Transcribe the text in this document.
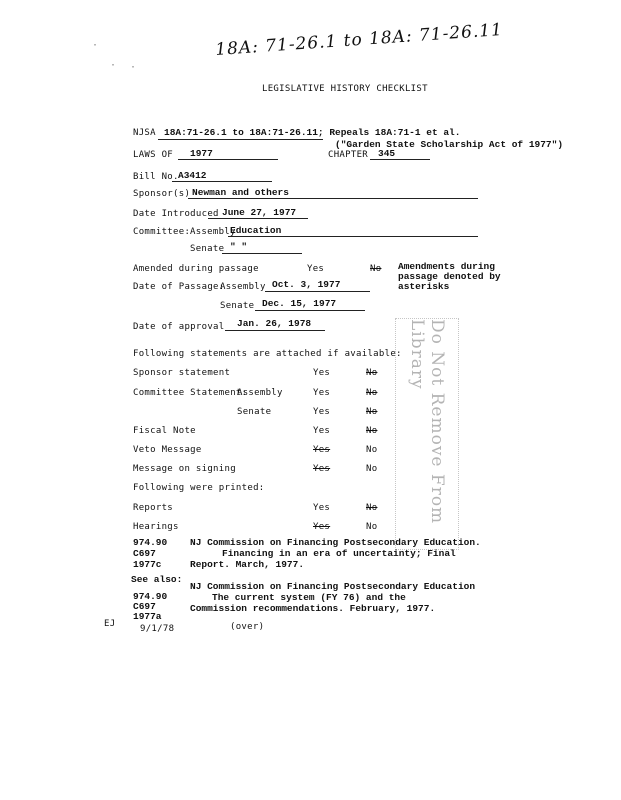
·
· ·
18A: 71-26.1 to 18A: 71-26.11
LEGISLATIVE HISTORY CHECKLIST
NJSA 18A:71-26.1 to 18A:71-26.11; Repeals 18A:71-1 et al.
("Garden State Scholarship Act of 1977")
LAWS OF 1977	CHAPTER 345
Bill No. A3412
Sponsor(s) Newman and others
Date Introduced June 27, 1977
Committee: Assembly
Education
Senate " "
Amended during passage	Yes	No Amendments during passage denoted by asterisks
Date of Passage:
Assembly Oct. 3, 1977
Senate Dec. 15, 1977
Date of approval Jan. 26, 1978
Following statements are attached if available:
Sponsor statement	Yes	No
Committee Statement:
Assembly	Yes	No
Senate	Yes	No
Fiscal Note	Yes	No
Veto Message	Yes	No
Message on signing	Yes	No
Following were printed:
Reports	Yes	No
Hearings	Yes	No
Do Not Remove From Library
974.90
C697
1977c
NJ Commission on Financing Postsecondary Education.
Financing in an era of uncertainty; Final
Report. March, 1977.
See also:
NJ Commission on Financing Postsecondary Education
974.90	The current system (FY 76) and the
C697	Commission recommendations. February, 1977.
1977a
EJ	9/1/78	(over)
